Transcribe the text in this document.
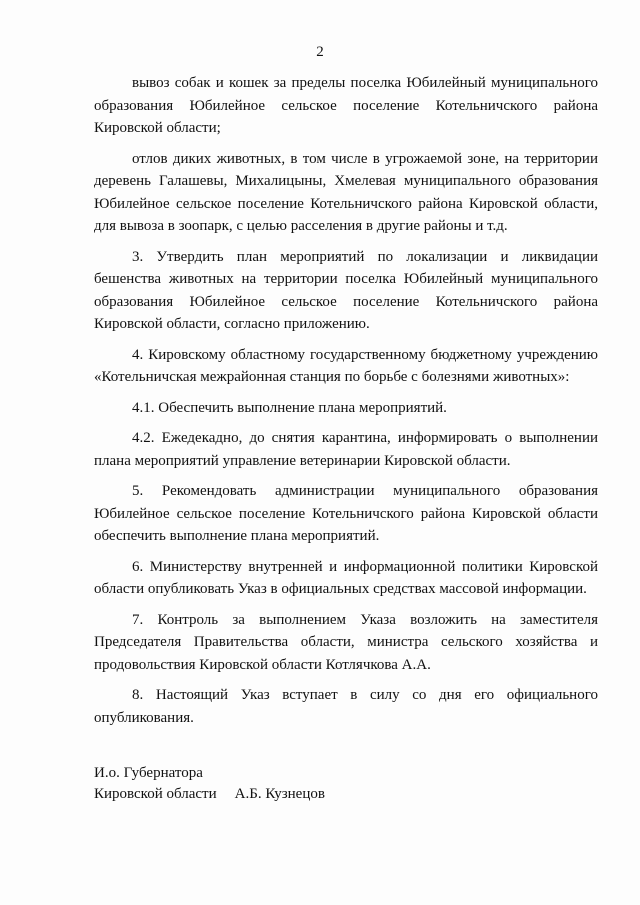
2

вывоз собак и кошек за пределы поселка Юбилейный муниципального образования Юбилейное сельское поселение Котельничского района Кировской области;

отлов диких животных, в том числе в угрожаемой зоне, на территории деревень Галашевы, Михалицыны, Хмелевая муниципального образования Юбилейное сельское поселение Котельничского района Кировской области, для вывоза в зоопарк, с целью расселения в другие районы и т.д.

3. Утвердить план мероприятий по локализации и ликвидации бешенства животных на территории поселка Юбилейный муниципального образования Юбилейное сельское поселение Котельничского района Кировской области, согласно приложению.

4. Кировскому областному государственному бюджетному учреждению «Котельничская межрайонная станция по борьбе с болезнями животных»:

4.1. Обеспечить выполнение плана мероприятий.

4.2. Ежедекадно, до снятия карантина, информировать о выполнении плана мероприятий управление ветеринарии Кировской области.

5. Рекомендовать администрации муниципального образования Юбилейное сельское поселение Котельничского района Кировской области обеспечить выполнение плана мероприятий.

6. Министерству внутренней и информационной политики Кировской области опубликовать Указ в официальных средствах массовой информации.

7. Контроль за выполнением Указа возложить на заместителя Председателя Правительства области, министра сельского хозяйства и продовольствия Кировской области Котлячкова А.А.

8. Настоящий Указ вступает в силу со дня его официального опубликования.

И.о. Губернатора
Кировской области А.Б. Кузнецов
